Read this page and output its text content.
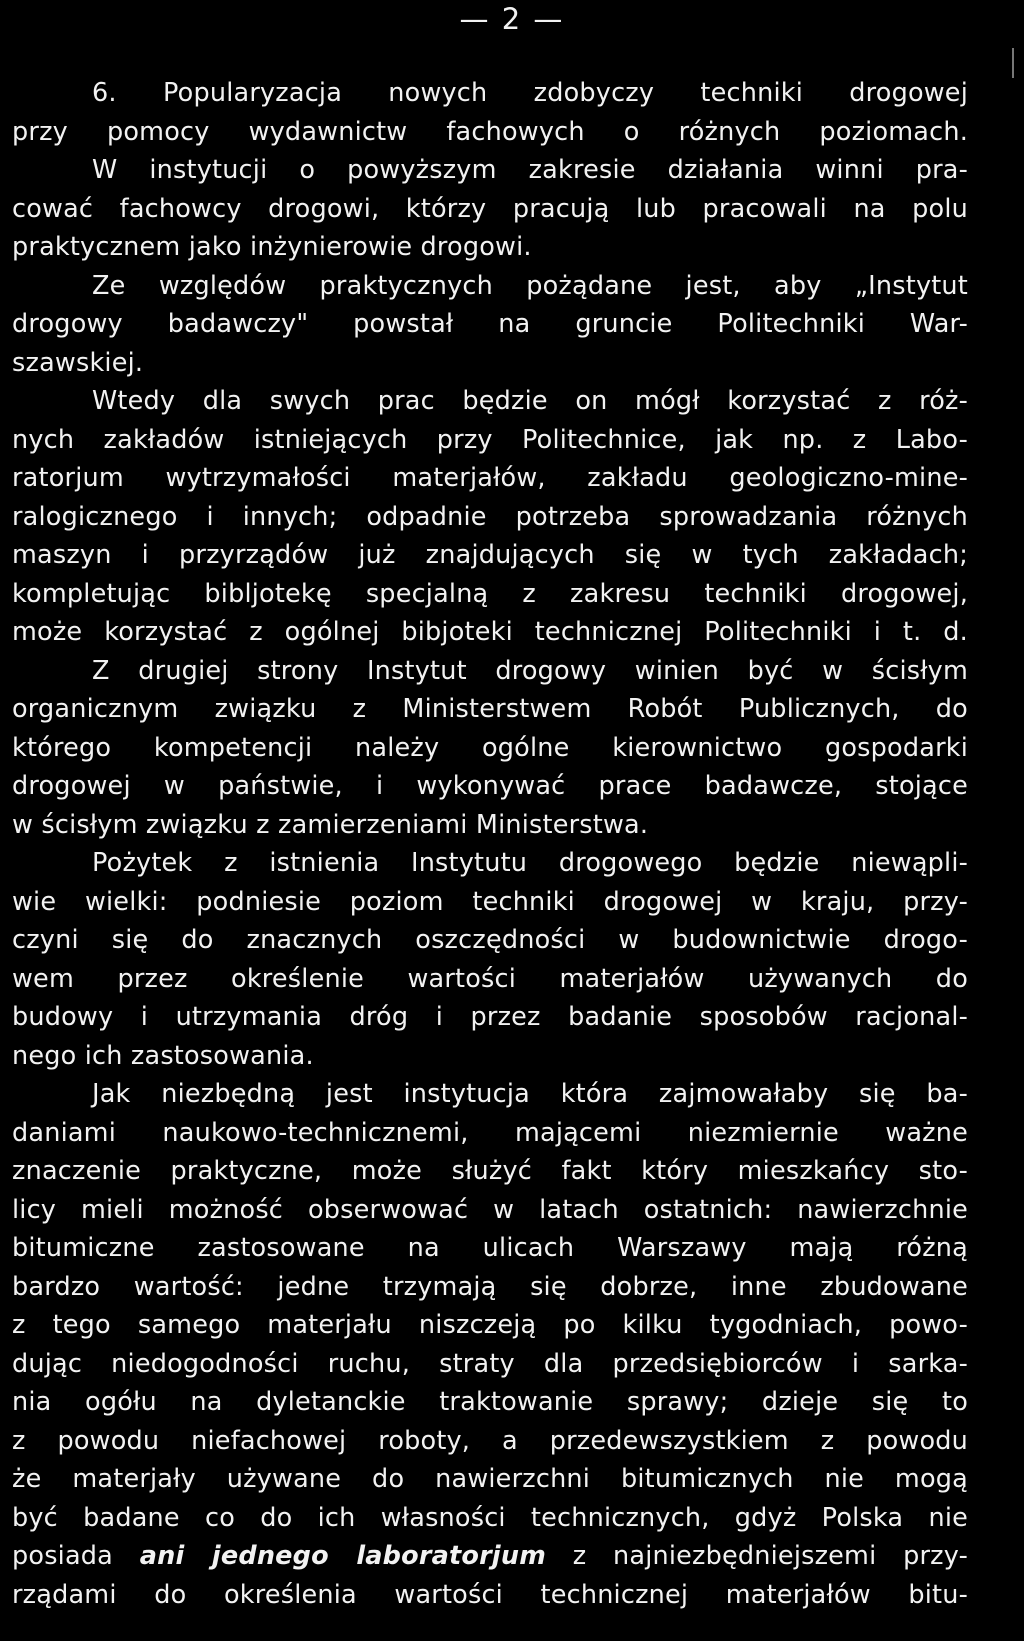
— 2 —
6. Popularyzacja nowych zdobyczy techniki drogowej
przy pomocy wydawnictw fachowych o różnych poziomach.
W instytucji o powyższym zakresie działania winni pra-
cować fachowcy drogowi, którzy pracują lub pracowali na polu
praktycznem jako inżynierowie drogowi.
Ze względów praktycznych pożądane jest, aby „Instytut
drogowy badawczy" powstał na gruncie Politechniki War-
szawskiej.
Wtedy dla swych prac będzie on mógł korzystać z róż-
nych zakładów istniejących przy Politechnice, jak np. z Labo-
ratorjum wytrzymałości materjałów, zakładu geologiczno-mine-
ralogicznego i innych; odpadnie potrzeba sprowadzania różnych
maszyn i przyrządów już znajdujących się w tych zakładach;
kompletując bibljotekę specjalną z zakresu techniki drogowej,
może korzystać z ogólnej bibjoteki technicznej Politechniki i t. d.
Z drugiej strony Instytut drogowy winien być w ścisłym
organicznym związku z Ministerstwem Robót Publicznych, do
którego kompetencji należy ogólne kierownictwo gospodarki
drogowej w państwie, i wykonywać prace badawcze, stojące
w ścisłym związku z zamierzeniami Ministerstwa.
Pożytek z istnienia Instytutu drogowego będzie niewąpli-
wie wielki: podniesie poziom techniki drogowej w kraju, przy-
czyni się do znacznych oszczędności w budownictwie drogo-
wem przez określenie wartości materjałów używanych do
budowy i utrzymania dróg i przez badanie sposobów racjonal-
nego ich zastosowania.
Jak niezbędną jest instytucja która zajmowałaby się ba-
daniami naukowo-technicznemi, mającemi niezmiernie ważne
znaczenie praktyczne, może służyć fakt który mieszkańcy sto-
licy mieli możność obserwować w latach ostatnich: nawierzchnie
bitumiczne zastosowane na ulicach Warszawy mają różną
bardzo wartość: jedne trzymają się dobrze, inne zbudowane
z tego samego materjału niszczeją po kilku tygodniach, powo-
dując niedogodności ruchu, straty dla przedsiębiorców i sarka-
nia ogółu na dyletanckie traktowanie sprawy; dzieje się to
z powodu niefachowej roboty, a przedewszystkiem z powodu
że materjały używane do nawierzchni bitumicznych nie mogą
być badane co do ich własności technicznych, gdyż Polska nie
posiada ani jednego laboratorjum z najniezbędniejszemi przy-
rządami do określenia wartości technicznej materjałów bitu-
